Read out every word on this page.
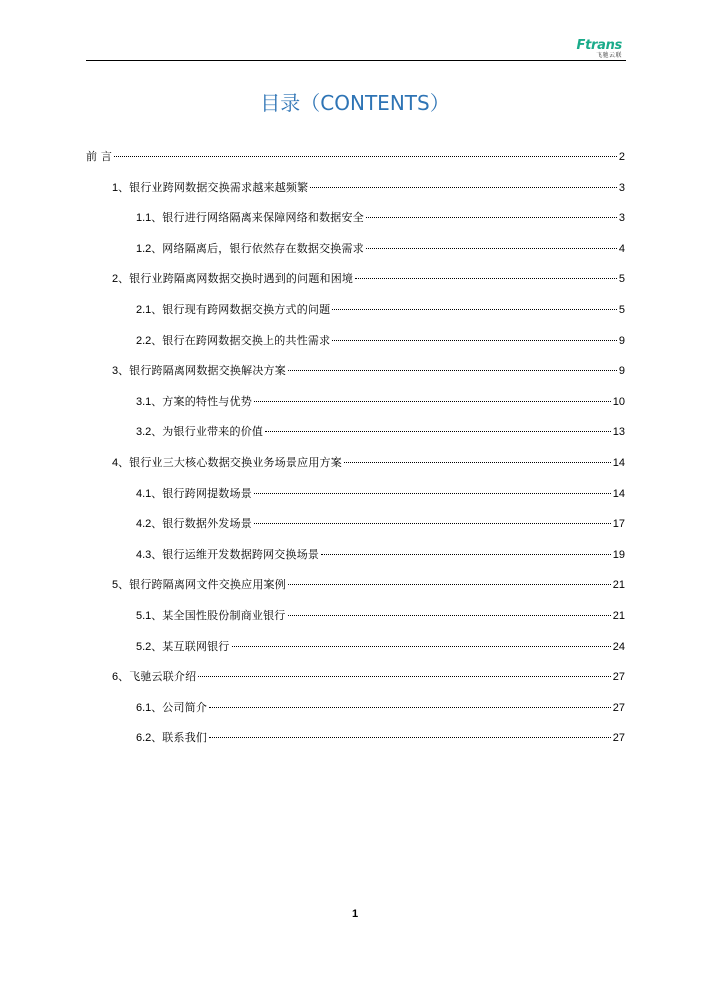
Ftrans
飞驰云联
目录（CONTENTS）
前 言	2
1、 银行业跨网数据交换需求越来越频繁	3
1.1、 银行进行网络隔离来保障网络和数据安全	3
1.2、 网络隔离后，银行依然存在数据交换需求	4
2、 银行业跨隔离网数据交换时遇到的问题和困境	5
2.1、 银行现有跨网数据交换方式的问题	5
2.2、 银行在跨网数据交换上的共性需求	9
3、 银行跨隔离网数据交换解决方案	9
3.1、 方案的特性与优势	10
3.2、 为银行业带来的价值	13
4、 银行业三大核心数据交换业务场景应用方案	14
4.1、 银行跨网提数场景	14
4.2、 银行数据外发场景	17
4.3、 银行运维开发数据跨网交换场景	19
5、 银行跨隔离网文件交换应用案例	21
5.1、 某全国性股份制商业银行	21
5.2、 某互联网银行	24
6、 飞驰云联介绍	27
6.1、 公司简介	27
6.2、 联系我们	27
1
